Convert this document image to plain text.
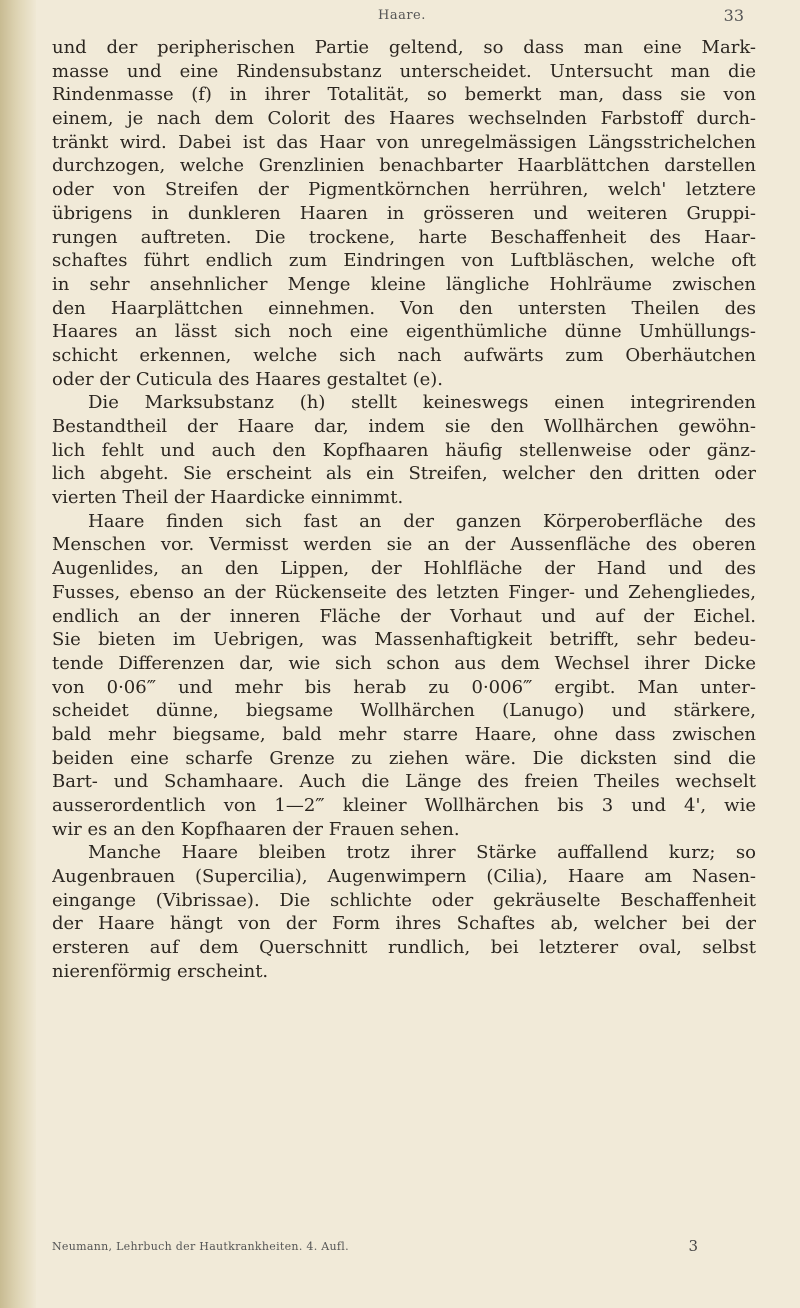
Haare.	33
und der peripherischen Partie geltend, so dass man eine Mark-
masse und eine Rindensubstanz unterscheidet. Untersucht man die
Rindenmasse (f) in ihrer Totalität, so bemerkt man, dass sie von
einem, je nach dem Colorit des Haares wechselnden Farbstoff durch-
tränkt wird. Dabei ist das Haar von unregelmässigen Längsstrichelchen
durchzogen, welche Grenzlinien benachbarter Haarblättchen darstellen
oder von Streifen der Pigmentkörnchen herrühren, welch' letztere
übrigens in dunkleren Haaren in grösseren und weiteren Gruppi-
rungen auftreten. Die trockene, harte Beschaffenheit des Haar-
schaftes führt endlich zum Eindringen von Luftbläschen, welche oft
in sehr ansehnlicher Menge kleine längliche Hohlräume zwischen
den Haarplättchen einnehmen. Von den untersten Theilen des
Haares an lässt sich noch eine eigenthümliche dünne Umhüllungs-
schicht erkennen, welche sich nach aufwärts zum Oberhäutchen
oder der Cuticula des Haares gestaltet (e).
Die Marksubstanz (h) stellt keineswegs einen integrirenden
Bestandtheil der Haare dar, indem sie den Wollhärchen gewöhn-
lich fehlt und auch den Kopfhaaren häufig stellenweise oder gänz-
lich abgeht. Sie erscheint als ein Streifen, welcher den dritten oder
vierten Theil der Haardicke einnimmt.
Haare finden sich fast an der ganzen Körperoberfläche des
Menschen vor. Vermisst werden sie an der Aussenfläche des oberen
Augenlides, an den Lippen, der Hohlfläche der Hand und des
Fusses, ebenso an der Rückenseite des letzten Finger- und Zehengliedes,
endlich an der inneren Fläche der Vorhaut und auf der Eichel.
Sie bieten im Uebrigen, was Massenhaftigkeit betrifft, sehr bedeu-
tende Differenzen dar, wie sich schon aus dem Wechsel ihrer Dicke
von 0·06‴ und mehr bis herab zu 0·006‴ ergibt. Man unter-
scheidet dünne, biegsame Wollhärchen (Lanugo) und stärkere,
bald mehr biegsame, bald mehr starre Haare, ohne dass zwischen
beiden eine scharfe Grenze zu ziehen wäre. Die dicksten sind die
Bart- und Schamhaare. Auch die Länge des freien Theiles wechselt
ausserordentlich von 1—2‴ kleiner Wollhärchen bis 3 und 4', wie
wir es an den Kopfhaaren der Frauen sehen.
Manche Haare bleiben trotz ihrer Stärke auffallend kurz; so
Augenbrauen (Supercilia), Augenwimpern (Cilia), Haare am Nasen-
eingange (Vibrissae). Die schlichte oder gekräuselte Beschaffenheit
der Haare hängt von der Form ihres Schaftes ab, welcher bei der
ersteren auf dem Querschnitt rundlich, bei letzterer oval, selbst
nierenförmig erscheint.
Neumann, Lehrbuch der Hautkrankheiten. 4. Aufl.	3
